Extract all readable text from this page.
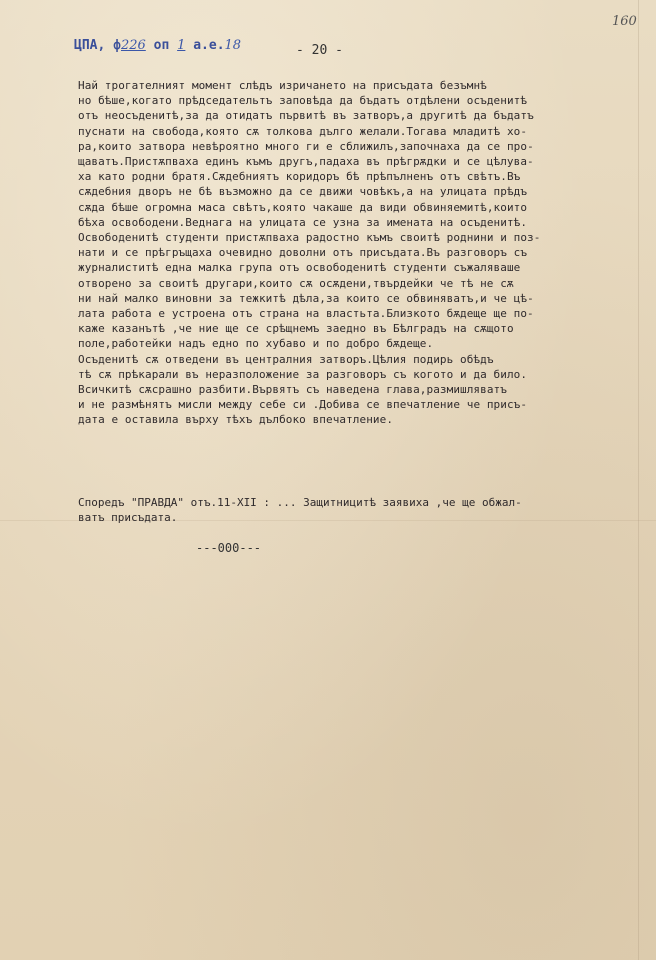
ЦПА, ф226 оп 1 а.е.18	- 20 -
160
Най трогателният момент слѣдъ изричането на присъдата безъмнѣ
но бѣше,когато прѣдседательтъ заповѣда да бъдатъ отдѣлени осъденитѣ
отъ неосъденитѣ,за да отидатъ първитѣ въ затворъ,а другитѣ да бъдатъ
пуснати на свобода,която сѫ толкова дълго желали.Тогава младитѣ хо-
ра,които затвора невѣроятно много ги е сближилъ,започнаха да се про-
щаватъ.Пристѫпваха единъ къмъ другъ,падаха въ прѣгрѫдки и се цѣлува-
ха като родни братя.Сѫдебниятъ коридоръ бѣ прѣпълненъ отъ свѣтъ.Въ
сѫдебния дворъ не бѣ възможно да се движи човѣкъ,а на улицата прѣдъ
сѫда бѣше огромна маса свѣтъ,която чакаше да види обвиняемитѣ,които
бѣха освободени.Веднага на улицата се узна за имената на осъденитѣ.
Освободенитѣ студенти пристѫпваха радостно къмъ своитѣ роднини и поз-
нати и се прѣгръщаха очевидно доволни отъ присъдата.Въ разговоръ съ
журналиститѣ една малка група отъ освободенитѣ студенти съжаляваше
отворено за своитѣ другари,които сѫ осѫдени,твърдейки че тѣ не сѫ
ни най малко виновни за тежкитѣ дѣла,за които се обвиняватъ,и че цѣ-
лата работа е устроена отъ страна на властьта.Близкото бѫдеще ще по-
каже казанътѣ ,че ние ще се срѣщнемъ заедно въ Бѣлградъ на сѫщото
поле,работейки надъ едно по хубаво и по добро бѫдеще.
Осъденитѣ сѫ отведени въ централния затворъ.Цѣлия подирь обѣдъ
тѣ сѫ прѣкарали въ неразположение за разговоръ съ когото и да било.
Всичкитѣ сѫсрашно разбити.Вървятъ съ наведена глава,размишляватъ
и не размѣнятъ мисли между себе си .Добива се впечатление че присъ-
дата е оставила върху тѣхъ дълбоко впечатление.
Споредъ "ПРАВДА" отъ.11-XII : ... Защитницитѣ заявиха ,че ще обжал-
ватъ присъдата.
---000---
